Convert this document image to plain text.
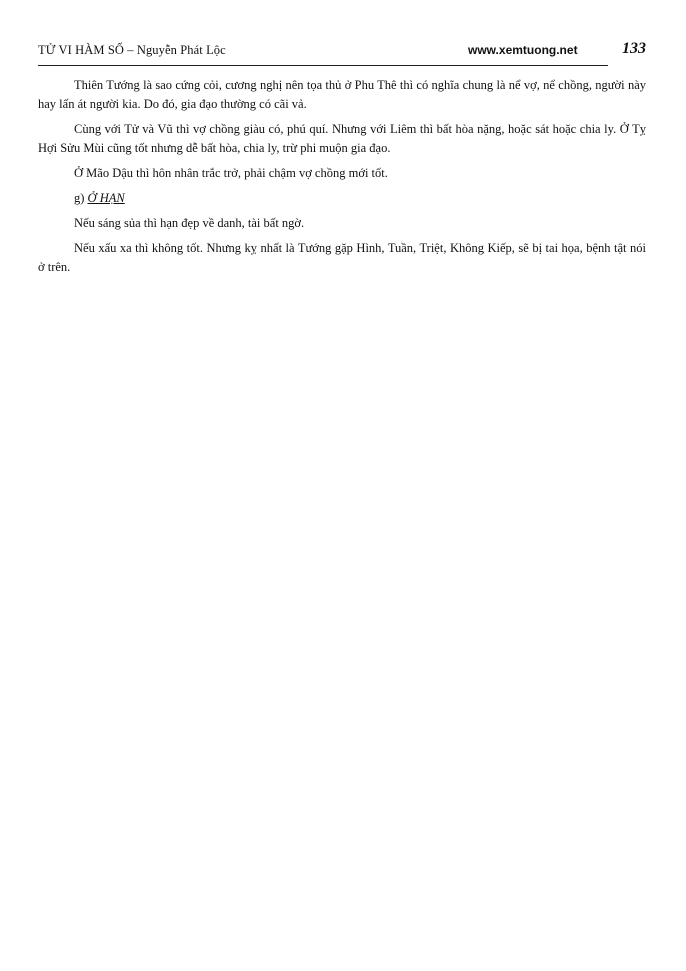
TỬ VI HÀM SỐ – Nguyễn Phát Lộc	www.xemtuong.net	133

Thiên Tướng là sao cứng cỏi, cương nghị nên tọa thủ ở Phu Thê thì có nghĩa chung là nể vợ, nể chồng, người này hay lấn át người kia. Do đó, gia đạo thường có cãi vả.

Cùng với Tử và Vũ thì vợ chồng giàu có, phú quí. Nhưng với Liêm thì bất hòa nặng, hoặc sát hoặc chia ly. Ở Tỵ Hợi Sửu Mùi cũng tốt nhưng dễ bất hòa, chia ly, trừ phi muộn gia đạo.

Ở Mão Dậu thì hôn nhân trắc trở, phải chậm vợ chồng mới tốt.

g) Ở HẠN

Nếu sáng sủa thì hạn đẹp về danh, tài bất ngờ.

Nếu xấu xa thì không tốt. Nhưng kỵ nhất là Tướng gặp Hình, Tuần, Triệt, Không Kiếp, sẽ bị tai họa, bệnh tật nói ở trên.
